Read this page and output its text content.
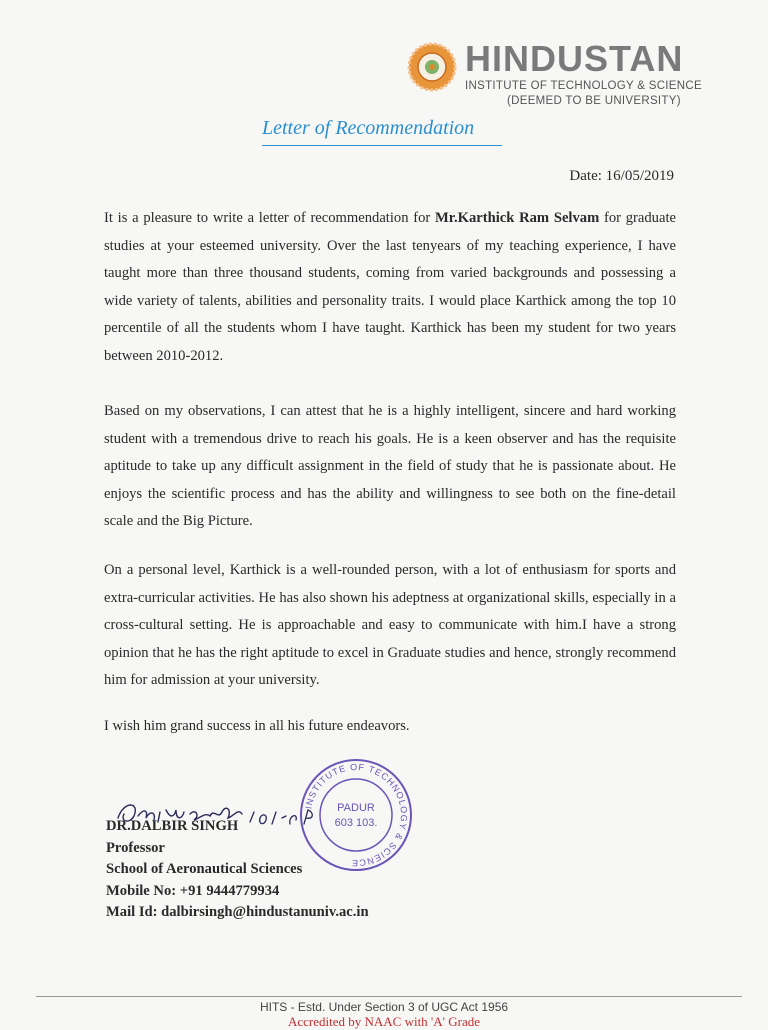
HINDUSTAN
INSTITUTE OF TECHNOLOGY & SCIENCE
(DEEMED TO BE UNIVERSITY)
Letter of Recommendation
Date: 16/05/2019
It is a pleasure to write a letter of recommendation for Mr.Karthick Ram Selvam for graduate studies at your esteemed university. Over the last tenyears of my teaching experience, I have taught more than three thousand students, coming from varied backgrounds and possessing a wide variety of talents, abilities and personality traits. I would place Karthick among the top 10 percentile of all the students whom I have taught. Karthick has been my student for two years between 2010-2012.
Based on my observations, I can attest that he is a highly intelligent, sincere and hard working student with a tremendous drive to reach his goals. He is a keen observer and has the requisite aptitude to take up any difficult assignment in the field of study that he is passionate about. He enjoys the scientific process and has the ability and willingness to see both on the fine-detail scale and the Big Picture.
On a personal level, Karthick is a well-rounded person, with a lot of enthusiasm for sports and extra-curricular activities. He has also shown his adeptness at organizational skills, especially in a cross-cultural setting. He is approachable and easy to communicate with him.I have a strong opinion that he has the right aptitude to excel in Graduate studies and hence, strongly recommend him for admission at your university.
I wish him grand success in all his future endeavors.
INSTITUTE OF TECHNOLOGY & SCIENCE
PADUR
603 103.
DR.DALBIR SINGH
Professor
School of Aeronautical Sciences
Mobile No: +91 9444779934
Mail Id: dalbirsingh@hindustanuniv.ac.in
HITS - Estd. Under Section 3 of UGC Act 1956
Accredited by NAAC with 'A' Grade
